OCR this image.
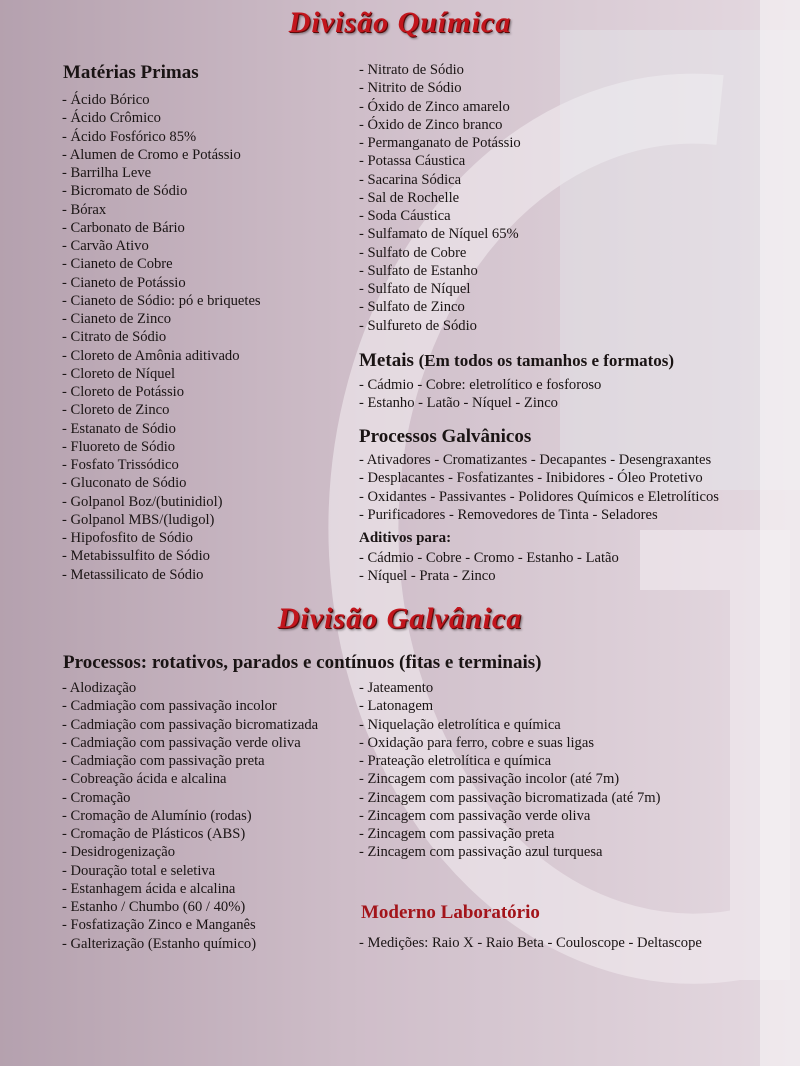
Divisão Química
Matérias Primas
- Ácido Bórico
- Ácido Crômico
- Ácido Fosfórico 85%
- Alumen de Cromo e Potássio
- Barrilha Leve
- Bicromato de Sódio
- Bórax
- Carbonato de Bário
- Carvão Ativo
- Cianeto de Cobre
- Cianeto de Potássio
- Cianeto de Sódio: pó e briquetes
- Cianeto de Zinco
- Citrato de Sódio
- Cloreto de Amônia aditivado
- Cloreto de Níquel
- Cloreto de Potássio
- Cloreto de Zinco
- Estanato de Sódio
- Fluoreto de Sódio
- Fosfato Trissódico
- Gluconato de Sódio
- Golpanol Boz/(butinidiol)
- Golpanol MBS/(ludigol)
- Hipofosfito de Sódio
- Metabissulfito de Sódio
- Metassilicato de Sódio
- Nitrato de Sódio
- Nitrito de Sódio
- Óxido de Zinco amarelo
- Óxido de Zinco branco
- Permanganato de Potássio
- Potassa Cáustica
- Sacarina Sódica
- Sal de Rochelle
- Soda Cáustica
- Sulfamato de Níquel 65%
- Sulfato de Cobre
- Sulfato de Estanho
- Sulfato de Níquel
- Sulfato de Zinco
- Sulfureto de Sódio
Metais (Em todos os tamanhos e formatos)
- Cádmio - Cobre: eletrolítico e fosforoso
- Estanho - Latão - Níquel - Zinco
Processos Galvânicos
- Ativadores - Cromatizantes - Decapantes - Desengraxantes
- Desplacantes - Fosfatizantes - Inibidores - Óleo Protetivo
- Oxidantes - Passivantes - Polidores Químicos e Eletrolíticos
- Purificadores - Removedores de Tinta - Seladores
Aditivos para:
- Cádmio - Cobre - Cromo - Estanho - Latão
- Níquel - Prata - Zinco
Divisão Galvânica
Processos: rotativos, parados e contínuos (fitas e terminais)
- Alodização
- Cadmiação com passivação incolor
- Cadmiação com passivação bicromatizada
- Cadmiação com passivação verde oliva
- Cadmiação com passivação preta
- Cobreação ácida e alcalina
- Cromação
- Cromação de Alumínio (rodas)
- Cromação de Plásticos (ABS)
- Desidrogenização
- Douração total e seletiva
- Estanhagem ácida e alcalina
- Estanho / Chumbo (60 / 40%)
- Fosfatização Zinco e Manganês
- Galterização (Estanho químico)
- Jateamento
- Latonagem
- Niquelação eletrolítica e química
- Oxidação para ferro, cobre e suas ligas
- Prateação eletrolítica e química
- Zincagem com passivação incolor (até 7m)
- Zincagem com passivação bicromatizada (até 7m)
- Zincagem com passivação verde oliva
- Zincagem com passivação preta
- Zincagem com passivação azul turquesa
Moderno Laboratório
- Medições: Raio X - Raio Beta - Couloscope - Deltascope
